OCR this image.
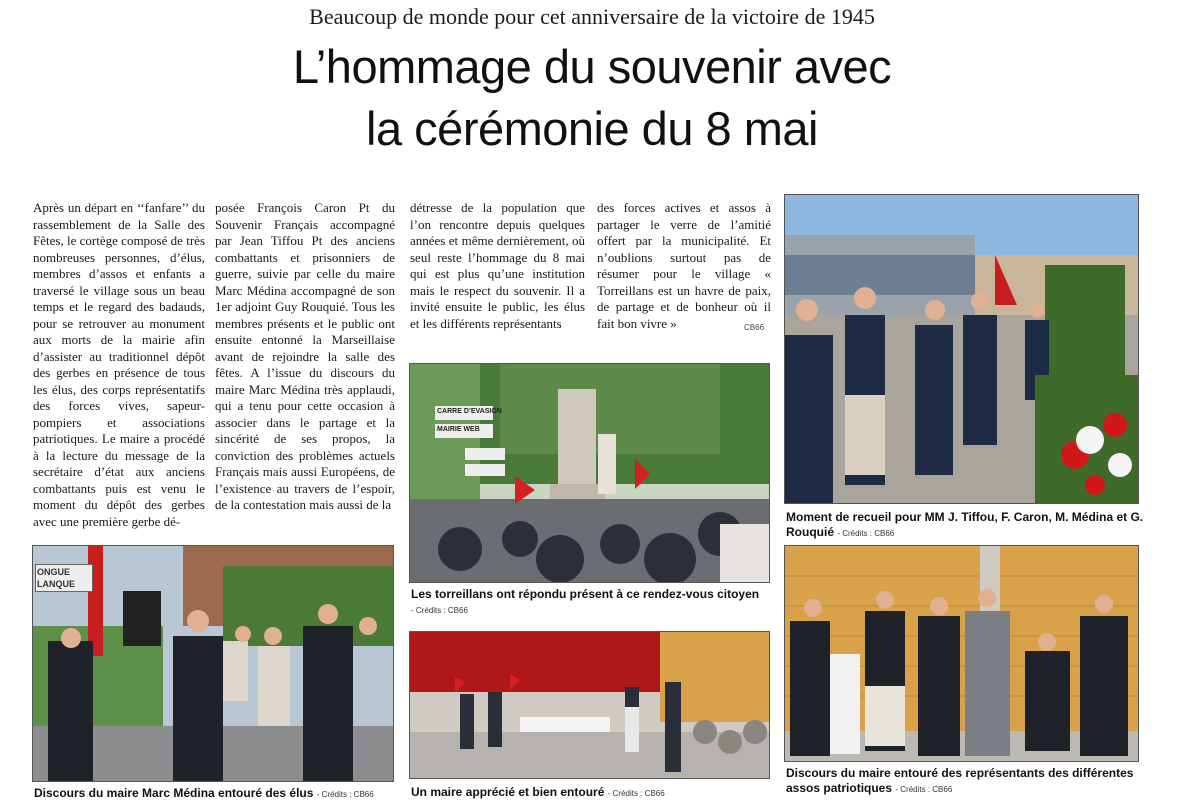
Beaucoup de monde pour cet anniversaire de la victoire de 1945
L’hommage du souvenir avec
la cérémonie du 8 mai

Après un départ en ‘‘fanfare’’ du rassemblement de la Salle des Fêtes, le cortège composé de très nombreuses personnes, d’élus, membres d’assos et enfants a traversé le village sous un beau temps et le regard des badauds, pour se retrouver au monument aux morts de la mairie afin d’assister au traditionnel dépôt des gerbes en présence de tous les élus, des corps représentatifs des forces vives, sapeur-pompiers et associations patriotiques. Le maire a procédé à la lecture du message de la secrétaire d’état aux anciens combattants puis est venu le moment du dépôt des gerbes avec une première gerbe dé-

posée François Caron Pt du Souvenir Français accompagné par Jean Tiffou Pt des anciens combattants et prisonniers de guerre, suivie par celle du maire Marc Médina accompagné de son 1er adjoint Guy Rouquié. Tous les membres présents et le public ont ensuite entonné la Marseillaise avant de rejoindre la salle des fêtes. A l’issue du discours du maire Marc Médina très applaudi, qui a tenu pour cette occasion à associer dans le partage et la sincérité de ses propos, la conviction des problèmes actuels Français mais aussi Européens, de l’existence au travers de l’espoir, de la contestation mais aussi de la

détresse de la population que l’on rencontre depuis quelques années et même dernièrement, où seul reste l’hommage du 8 mai qui est plus qu’une institution mais le respect du souvenir. Il a invité ensuite le public, les élus et les différents représentants

des forces actives et assos à partager le verre de l’amitié offert par la municipalité. Et n’oublions surtout pas de résumer pour le village « Torreillans est un havre de paix, de partage et de bonheur où il fait bon vivre »	CB66
Moment de recueil pour MM J. Tiffou, F. Caron, M. Médina et G. Rouquié - Crédits : CB66
CARRE D’EVASION
MAIRIE WEB
Les torreillans ont répondu présent à ce rendez-vous citoyen
- Crédits : CB66
ONGUE LANQUE
Discours du maire Marc Médina entouré des élus - Crédits : CB66	Un maire apprécié et bien entouré - Crédits : CB66
Discours du maire entouré des représentants des différentes assos patriotiques - Crédits : CB66
